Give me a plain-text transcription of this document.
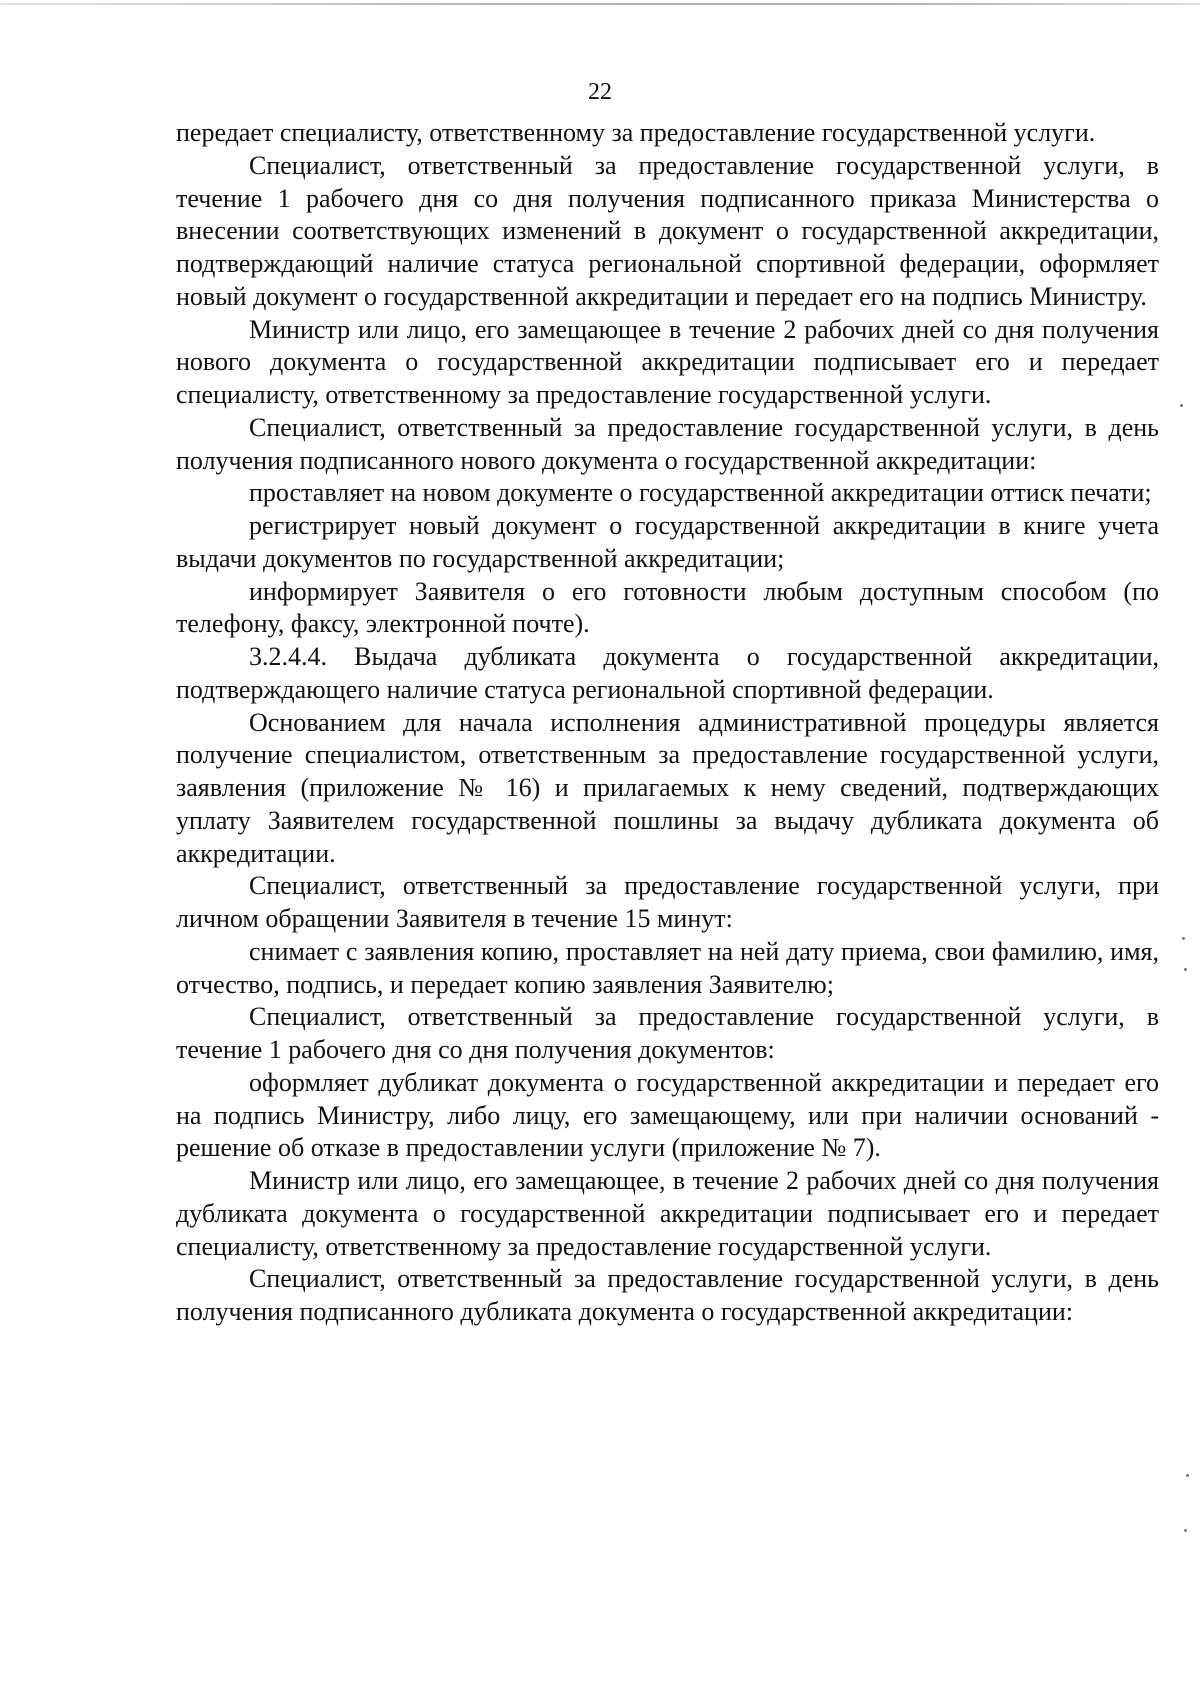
22

передает специалисту, ответственному за предоставление государственной услуги.

Специалист, ответственный за предоставление государственной услуги, в течение 1 рабочего дня со дня получения подписанного приказа Министерства о внесении соответствующих изменений в документ о государственной аккредитации, подтверждающий наличие статуса региональной спортивной федерации, оформляет новый документ о государственной аккредитации и передает его на подпись Министру.

Министр или лицо, его замещающее в течение 2 рабочих дней со дня получения нового документа о государственной аккредитации подписывает его и передает специалисту, ответственному за предоставление государственной услуги.

Специалист, ответственный за предоставление государственной услуги, в день получения подписанного нового документа о государственной аккредитации:

проставляет на новом документе о государственной аккредитации оттиск печати;

регистрирует новый документ о государственной аккредитации в книге учета выдачи документов по государственной аккредитации;

информирует Заявителя о его готовности любым доступным способом (по телефону, факсу, электронной почте).

3.2.4.4. Выдача дубликата документа о государственной аккредитации, подтверждающего наличие статуса региональной спортивной федерации.

Основанием для начала исполнения административной процедуры является получение специалистом, ответственным за предоставление государственной услуги, заявления (приложение № 16) и прилагаемых к нему сведений, подтверждающих уплату Заявителем государственной пошлины за выдачу дубликата документа об аккредитации.

Специалист, ответственный за предоставление государственной услуги, при личном обращении Заявителя в течение 15 минут:

снимает с заявления копию, проставляет на ней дату приема, свои фамилию, имя, отчество, подпись, и передает копию заявления Заявителю;

Специалист, ответственный за предоставление государственной услуги, в течение 1 рабочего дня со дня получения документов:

оформляет дубликат документа о государственной аккредитации и передает его на подпись Министру, либо лицу, его замещающему, или при наличии оснований - решение об отказе в предоставлении услуги (приложение № 7).

Министр или лицо, его замещающее, в течение 2 рабочих дней со дня получения дубликата документа о государственной аккредитации подписывает его и передает специалисту, ответственному за предоставление государственной услуги.

Специалист, ответственный за предоставление государственной услуги, в день получения подписанного дубликата документа о государственной аккредитации:
